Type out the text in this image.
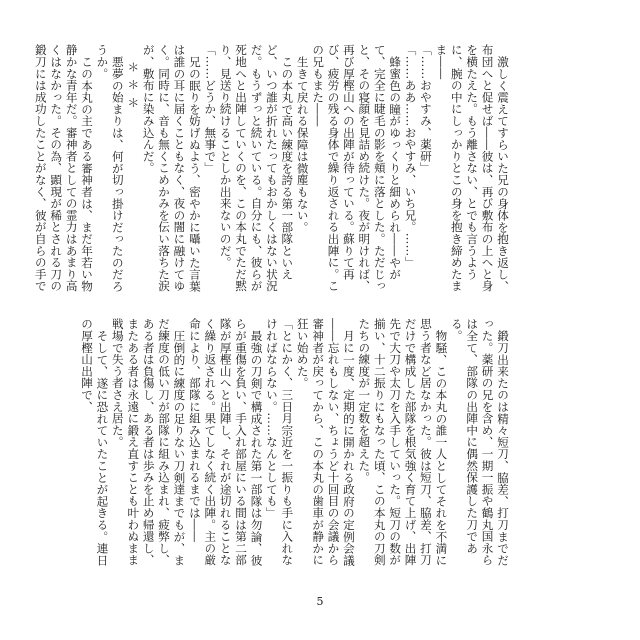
激しく震えてすらいた兄の身体を抱き返し、布団へと促せば――彼は、再び敷布の上へと身を横たえた。もう離さない、とでも言うように、腕の中にしっかりとこの身を抱き締めたまま――

「……おやすみ、薬研」

「……ああ……おやすみ、いち兄。……」

蜂蜜色の瞳がゆっくりと細められ――やがて、完全に睫毛の影を頬に落とした。ただじっと、その寝顔を見詰め続けた。夜が明ければ、再び厚樫山への出陣が待っている。蘇りて再び、疲労の残る身体で繰り返される出陣に。この兄もまた――

生きて戻れる保障は微塵もない。

この本丸で高い練度を誇る第一部隊といえど、いつ誰が折れたってもおかしくはない状況だ。もうずっと続いている。自分にも、彼らが死地へと出陣していくのを、この本丸でただ黙り、見送り続けることしか出来ないのだ。

「……どうか、無事で」

兄の眠りを妨げぬよう、密やかに囁いた言葉は誰の耳に届くこともなく、夜の闇に融けてゆく。同時に、音も無くこめかみを伝い落ちた涙が、敷布に染み込んだ。

＊＊＊

悪夢の始まりは、何が切っ掛けだったのだろうか。

この本丸の主である審神者は、まだ年若い物静かな青年だ。審神者としての霊力はあまり高くはなかった。その為、顕現が稀とされる刀の鍛刀には成功したことがなく、彼が自らの手で

鍛刀出来たのは精々短刀、脇差、打刀までだった。薬研の兄を含め、一期一振や鶴丸国永らは全て、部隊の出陣中に偶然保護した刀である。

物騒、この本丸の誰一人としてそれを不満に思う者など居なかった。彼は短刀、脇差、打刀だけで構成した部隊を根気強く育て上げ、出陣先で大刀や太刀を入手していった。短刀の数が揃い、十二振りにもなった頃、この本丸の刀剣たちの練度が一定数を超えた。

月に一度、定期的に開かれる政府の定例会議――忘れもしない、ちょうど十回目の会議から審神者が戻ってから、この本丸の歯車が静かに狂い始めた。

「とにかく、三日月宗近を一振りも手に入れなければならない。……なんとしても」

最強の刀剣で構成された第一部隊は勿論、彼らが重傷を負い、手入れ部屋にいる間は第二部隊が厚樫山へと出陣し、それが途切れることなく繰り返される。果てしなく続く出陣。主の厳命により、部隊に組み込まれるまでは――

圧倒的に練度の足りない刀剣達までもが、まだ練度の低い刀が部隊に組み込まれ、疲弊し、ある者は負傷し、ある者は歩みを止め帰還し、またある者は永遠に鍛え直すことも叶わぬまま戦場で失う者さえ居た。

そして、遂に恐れていたことが起きる。連日の厚樫山出陣で、

5
